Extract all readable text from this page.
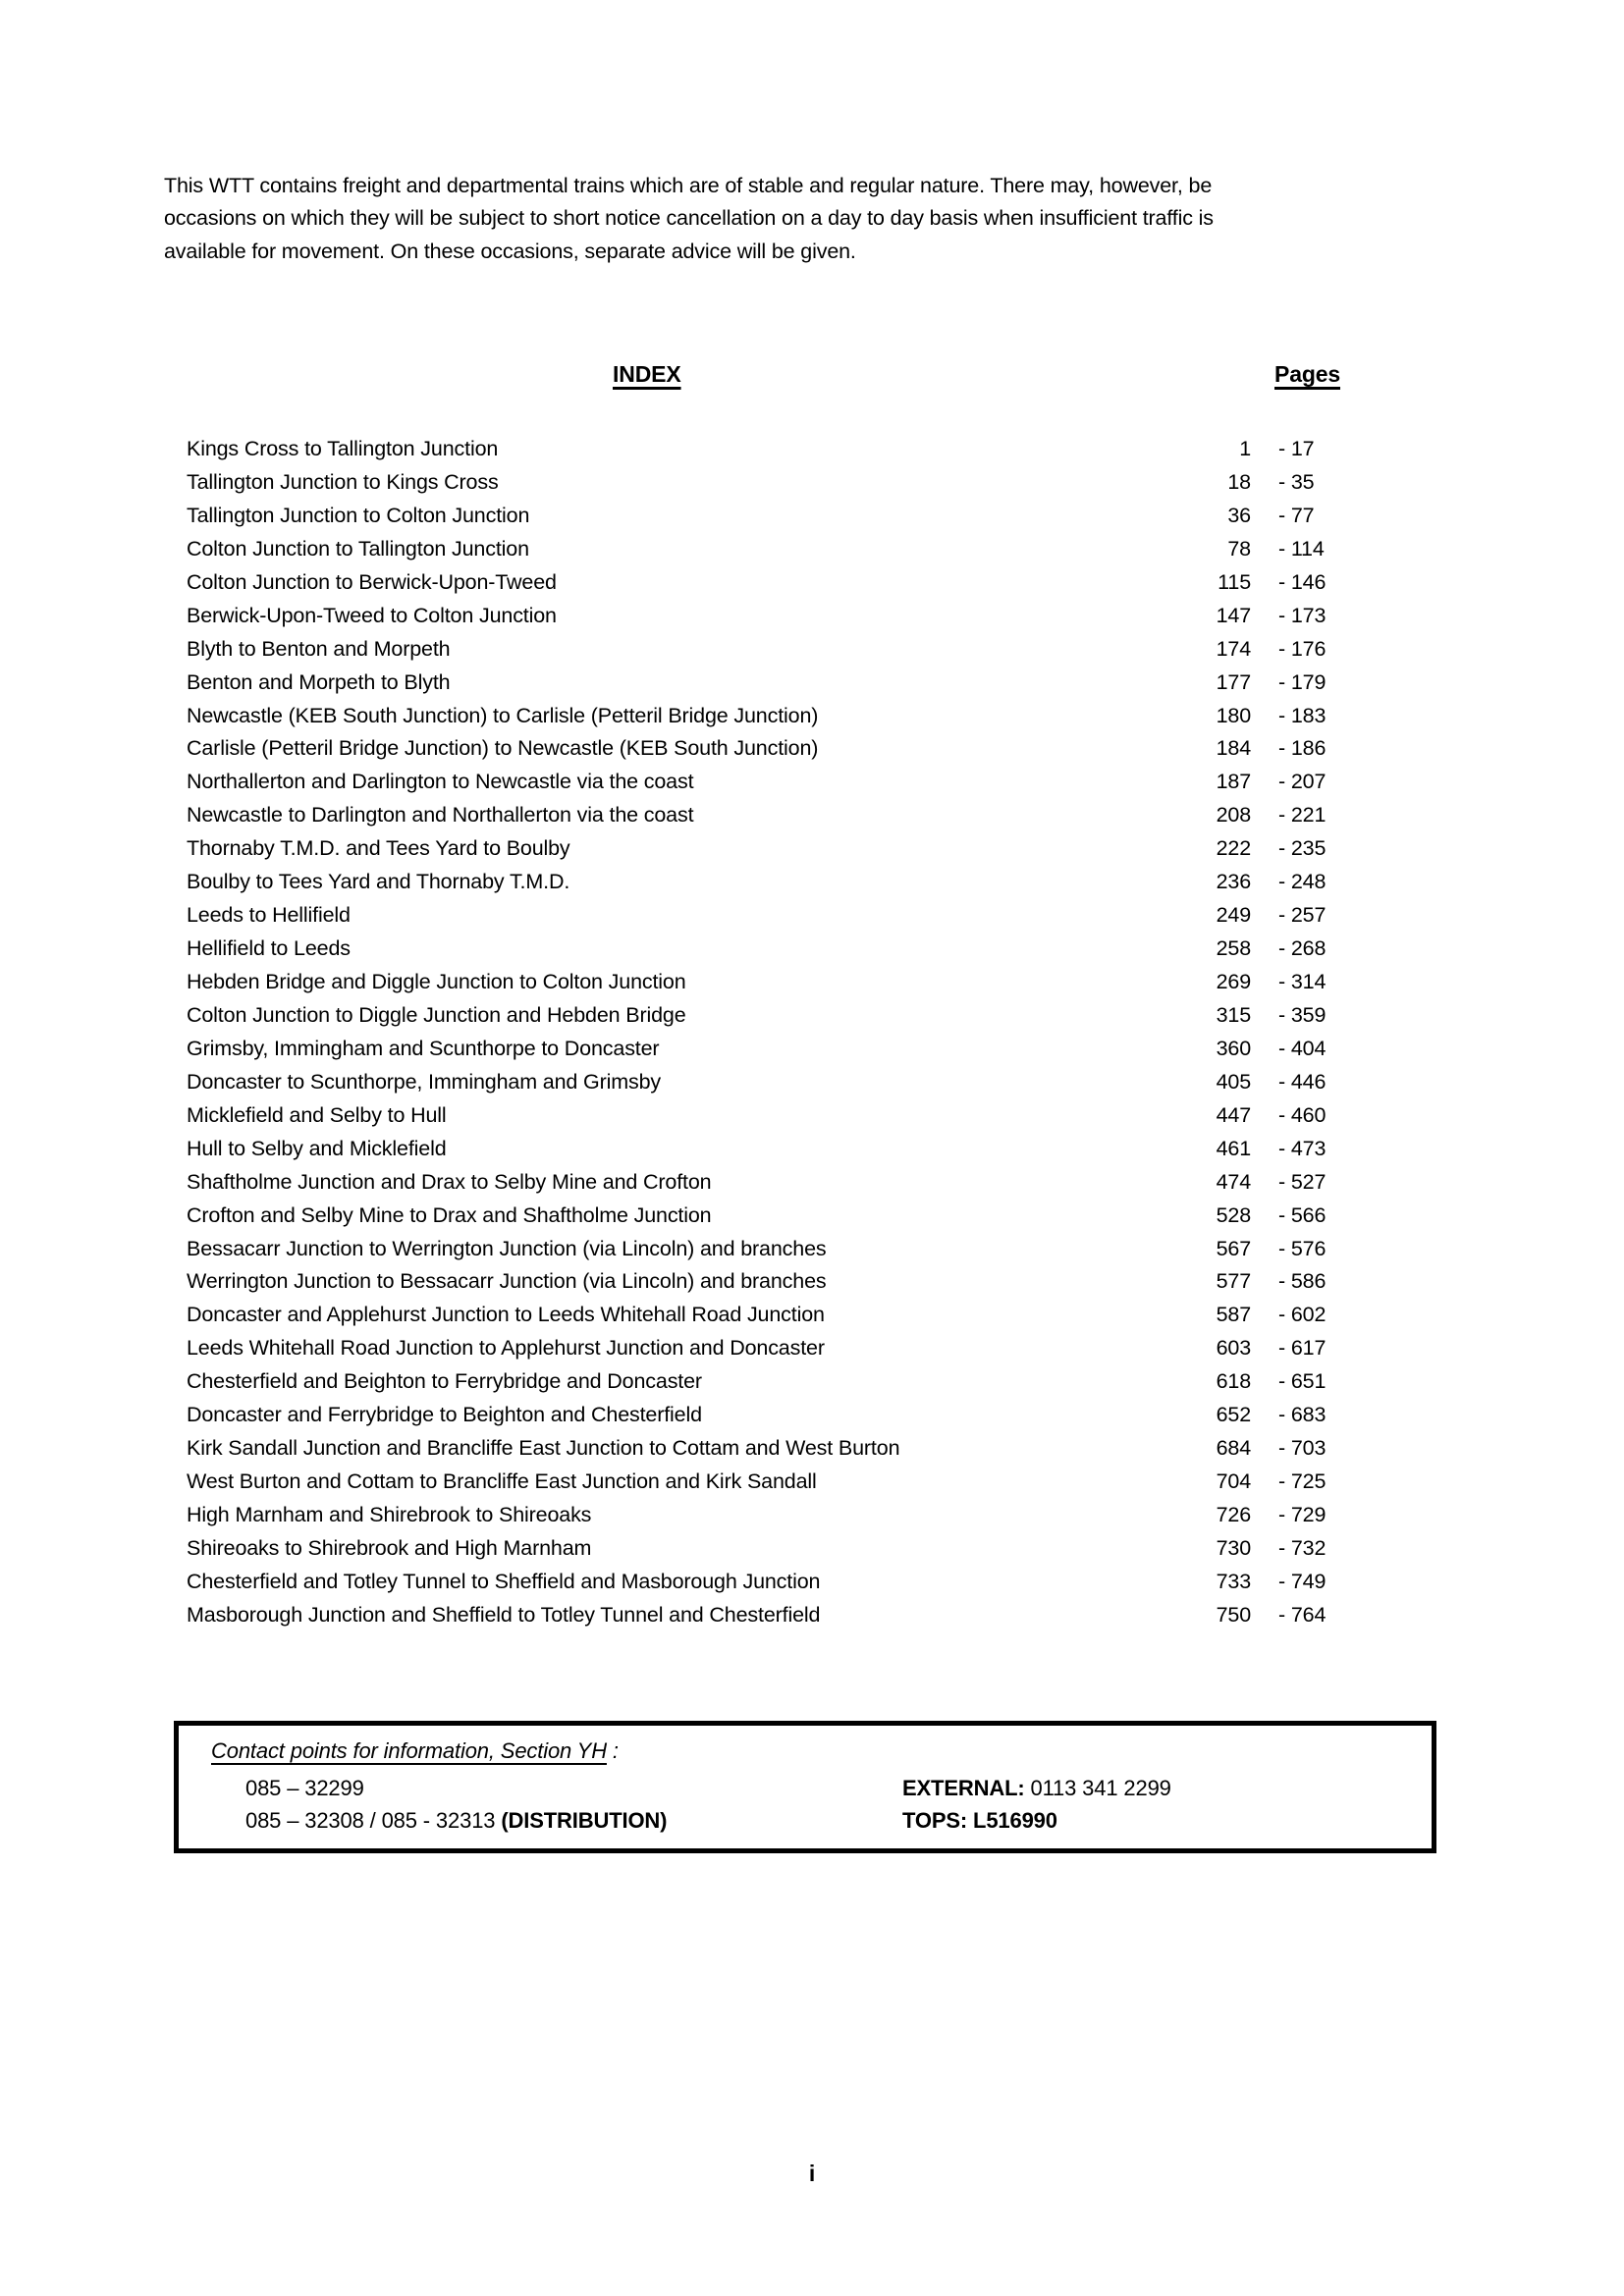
This WTT contains freight and departmental trains which are of stable and regular nature. There may, however, be
occasions on which they will be subject to short notice cancellation on a day to day basis when insufficient traffic is
available for movement. On these occasions, separate advice will be given.
INDEX	Pages
Kings Cross to Tallington Junction	1	- 17
Tallington Junction to Kings Cross	18	- 35
Tallington Junction to Colton Junction	36	- 77
Colton Junction to Tallington Junction	78	- 114
Colton Junction to Berwick-Upon-Tweed	115	- 146
Berwick-Upon-Tweed to Colton Junction	147	- 173
Blyth to Benton and Morpeth	174	- 176
Benton and Morpeth to Blyth	177	- 179
Newcastle (KEB South Junction) to Carlisle (Petteril Bridge Junction)	180	- 183
Carlisle (Petteril Bridge Junction) to Newcastle (KEB South Junction)	184	- 186
Northallerton and Darlington to Newcastle via the coast	187	- 207
Newcastle to Darlington and Northallerton via the coast	208	- 221
Thornaby T.M.D. and Tees Yard to Boulby	222	- 235
Boulby to Tees Yard and Thornaby T.M.D.	236	- 248
Leeds to Hellifield	249	- 257
Hellifield to Leeds	258	- 268
Hebden Bridge and Diggle Junction to Colton Junction	269	- 314
Colton Junction to Diggle Junction and Hebden Bridge	315	- 359
Grimsby, Immingham and Scunthorpe to Doncaster	360	- 404
Doncaster to Scunthorpe, Immingham and Grimsby	405	- 446
Micklefield and Selby to Hull	447	- 460
Hull to Selby and Micklefield	461	- 473
Shaftholme Junction and Drax to Selby Mine and Crofton	474	- 527
Crofton and Selby Mine to Drax and Shaftholme Junction	528	- 566
Bessacarr Junction to Werrington Junction (via Lincoln) and branches	567	- 576
Werrington Junction to Bessacarr Junction (via Lincoln) and branches	577	- 586
Doncaster and Applehurst Junction to Leeds Whitehall Road Junction	587	- 602
Leeds Whitehall Road Junction to Applehurst Junction and Doncaster	603	- 617
Chesterfield and Beighton to Ferrybridge and Doncaster	618	- 651
Doncaster and Ferrybridge to Beighton and Chesterfield	652	- 683
Kirk Sandall Junction and Brancliffe East Junction to Cottam and West Burton	684	- 703
West Burton and Cottam to Brancliffe East Junction and Kirk Sandall	704	- 725
High Marnham and Shirebrook to Shireoaks	726	- 729
Shireoaks to Shirebrook and High Marnham	730	- 732
Chesterfield and Totley Tunnel to Sheffield and Masborough Junction	733	- 749
Masborough Junction and Sheffield to Totley Tunnel and Chesterfield	750	- 764
Contact points for information, Section YH :
085 – 32299	EXTERNAL: 0113 341 2299
085 – 32308 / 085 - 32313 (DISTRIBUTION)	TOPS: L516990
i
